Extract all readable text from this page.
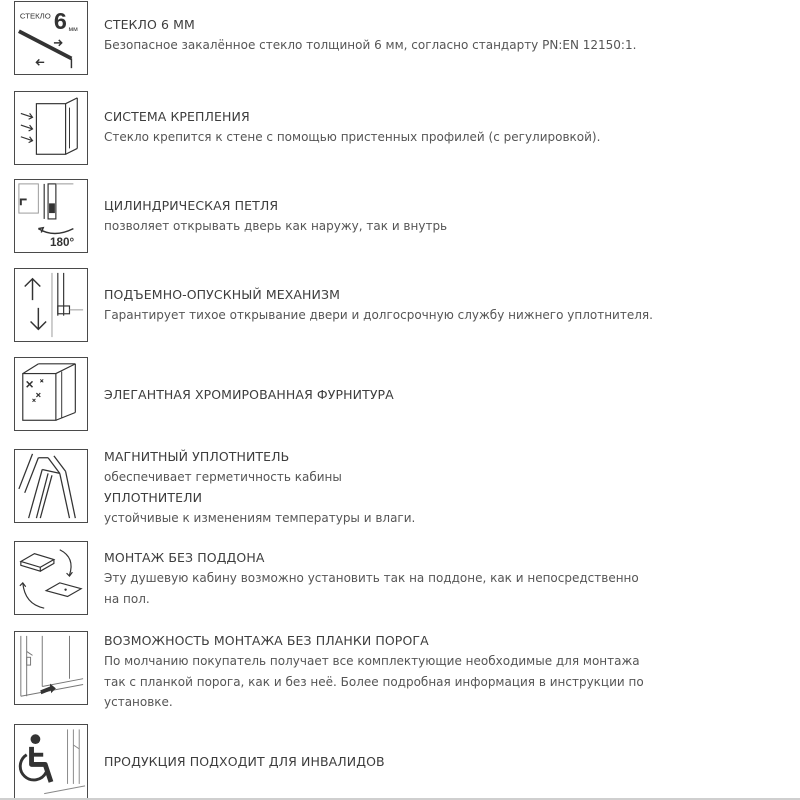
СТЕКЛО 6 мм СТЕКЛО 6 ММ
Безопасное закалённое стекло толщиной 6 мм, согласно стандарту PN:EN 12150:1.
СИСТЕМА КРЕПЛЕНИЯ
Стекло крепится к стене с помощью пристенных профилей (с регулировкой).
180°
ЦИЛИНДРИЧЕСКАЯ ПЕТЛЯ
позволяет открывать дверь как наружу, так и внутрь
ПОДЪЕМНО-ОПУСКНЫЙ МЕХАНИЗМ
Гарантирует тихое открывание двери и долгосрочную службу нижнего уплотнителя.
ЭЛЕГАНТНАЯ ХРОМИРОВАННАЯ ФУРНИТУРА
МАГНИТНЫЙ УПЛОТНИТЕЛЬ
обеспечивает герметичность кабины
УПЛОТНИТЕЛИ
устойчивые к изменениям температуры и влаги.
МОНТАЖ БЕЗ ПОДДОНА
Эту душевую кабину возможно установить так на поддоне, как и непосредственно на пол.
ВОЗМОЖНОСТЬ МОНТАЖА БЕЗ ПЛАНКИ ПОРОГА
По молчанию покупатель получает все комплектующие необходимые для монтажа так с планкой порога, как и без неё. Более подробная информация в инструкции по установке.
ПРОДУКЦИЯ ПОДХОДИТ ДЛЯ ИНВАЛИДОВ
